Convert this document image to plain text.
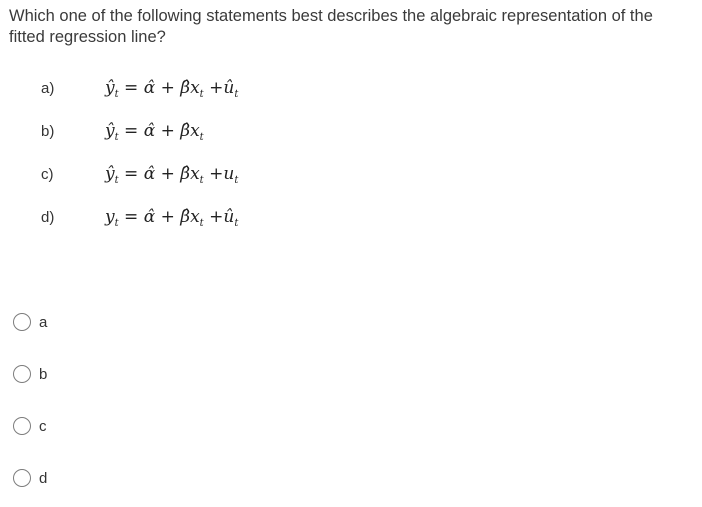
Which one of the following statements best describes the algebraic representation of the fitted regression line?
a)	$ŷ_t$ = α̂ + $\betâx_t$ $+û_t$
b)	$ŷ_t$ = α̂ + $\betâx_t$
c)	$ŷ_t$ = α̂ + $\betâx_t +u_t$
d)	$y_t$ = α̂ + $\betâx_t$ $+û_t$
a
b
c
d
